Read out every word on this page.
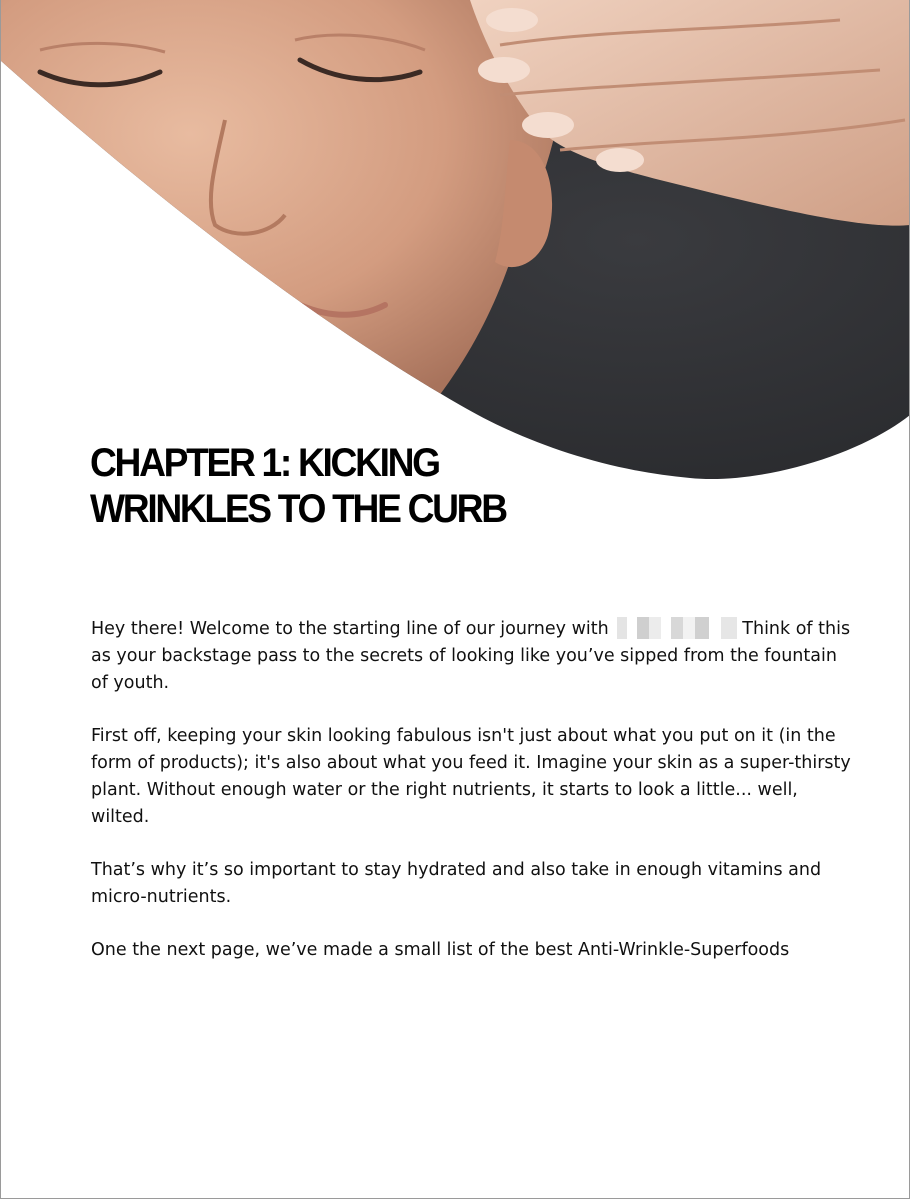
CHAPTER 1: KICKING
WRINKLES TO THE CURB

Hey there! Welcome to the starting line of our journey with	Think of this as your backstage pass to the secrets of looking like you’ve sipped from the fountain of youth.

First off, keeping your skin looking fabulous isn't just about what you put on it (in the form of products); it's also about what you feed it. Imagine your skin as a super-thirsty plant. Without enough water or the right nutrients, it starts to look a little... well, wilted.

That’s why it’s so important to stay hydrated and also take in enough vitamins and micro-nutrients.

One the next page, we’ve made a small list of the best Anti-Wrinkle-Superfoods
